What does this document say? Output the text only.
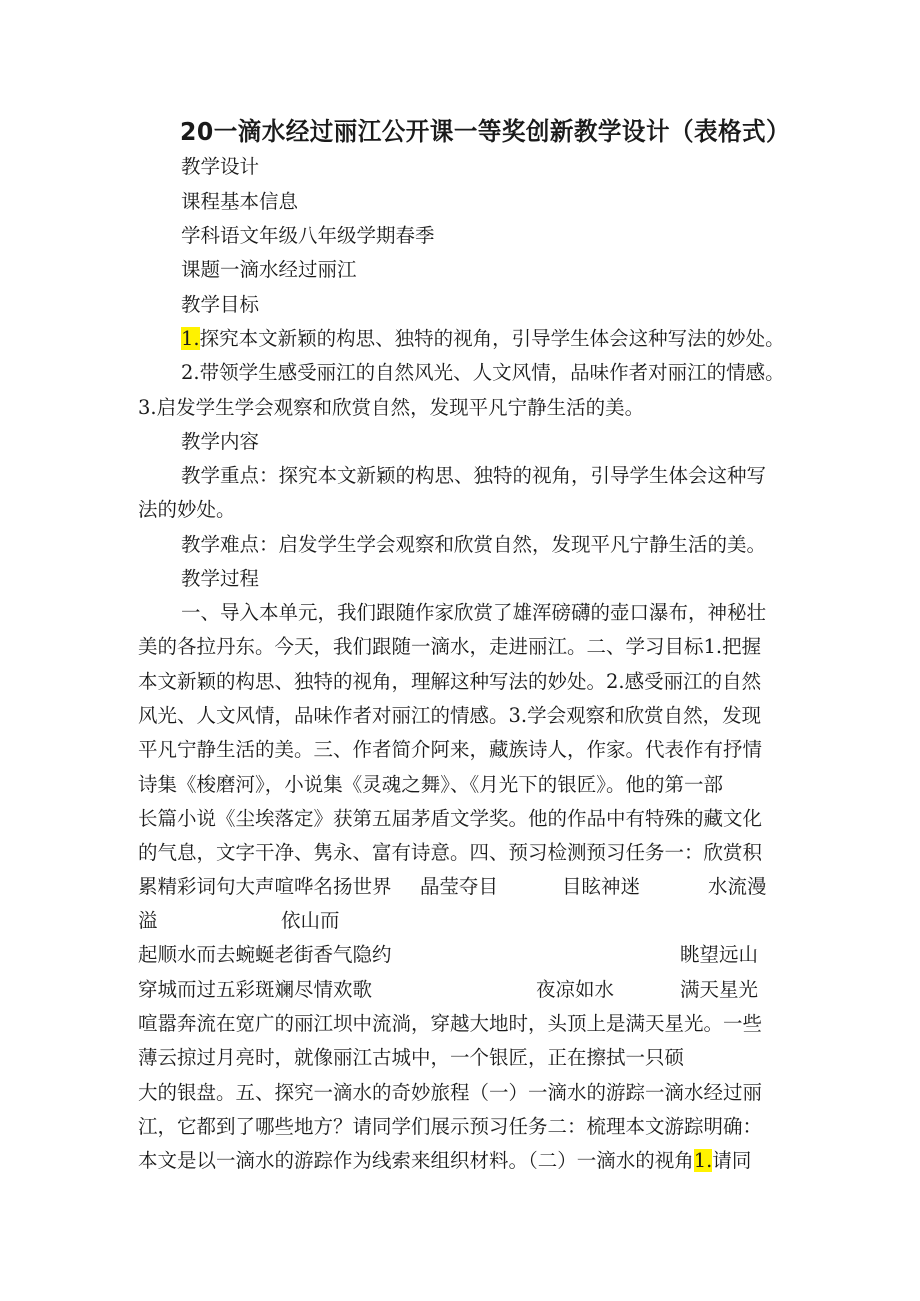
20一滴水经过丽江公开课一等奖创新教学设计（表格式）
教学设计
课程基本信息
学科语文年级八年级学期春季
课题一滴水经过丽江
教学目标
1.探究本文新颖的构思、独特的视角，引导学生体会这种写法的妙处。
2.带领学生感受丽江的自然风光、人文风情，品味作者对丽江的情感。
3.启发学生学会观察和欣赏自然，发现平凡宁静生活的美。
教学内容
教学重点：探究本文新颖的构思、独特的视角，引导学生体会这种写
法的妙处。
教学难点：启发学生学会观察和欣赏自然，发现平凡宁静生活的美。
教学过程
一、导入本单元，我们跟随作家欣赏了雄浑磅礴的壶口瀑布，神秘壮
美的各拉丹东。今天，我们跟随一滴水，走进丽江。二、学习目标1.把握
本文新颖的构思、独特的视角，理解这种写法的妙处。2.感受丽江的自然
风光、人文风情，品味作者对丽江的情感。3.学会观察和欣赏自然，发现
平凡宁静生活的美。三、作者简介阿来，藏族诗人，作家。代表作有抒情
诗集《梭磨河》，小说集《灵魂之舞》、《月光下的银匠》。他的第一部
长篇小说《尘埃落定》获第五届茅盾文学奖。他的作品中有特殊的藏文化
的气息，文字干净、隽永、富有诗意。四、预习检测预习任务一：欣赏积
累精彩词句大声喧哗名扬世界 晶莹夺目	目眩神迷	水流漫
溢	依山而
起顺水而去蜿蜒老街香气隐约	眺望远山
穿城而过五彩斑斓尽情欢歌	夜凉如水	满天星光
喧嚣奔流在宽广的丽江坝中流淌，穿越大地时，头顶上是满天星光。一些
薄云掠过月亮时，就像丽江古城中，一个银匠，正在擦拭一只硕
大的银盘。五、探究一滴水的奇妙旅程（一）一滴水的游踪一滴水经过丽
江，它都到了哪些地方？请同学们展示预习任务二：梳理本文游踪明确：
本文是以一滴水的游踪作为线索来组织材料。（二）一滴水的视角1.请同
